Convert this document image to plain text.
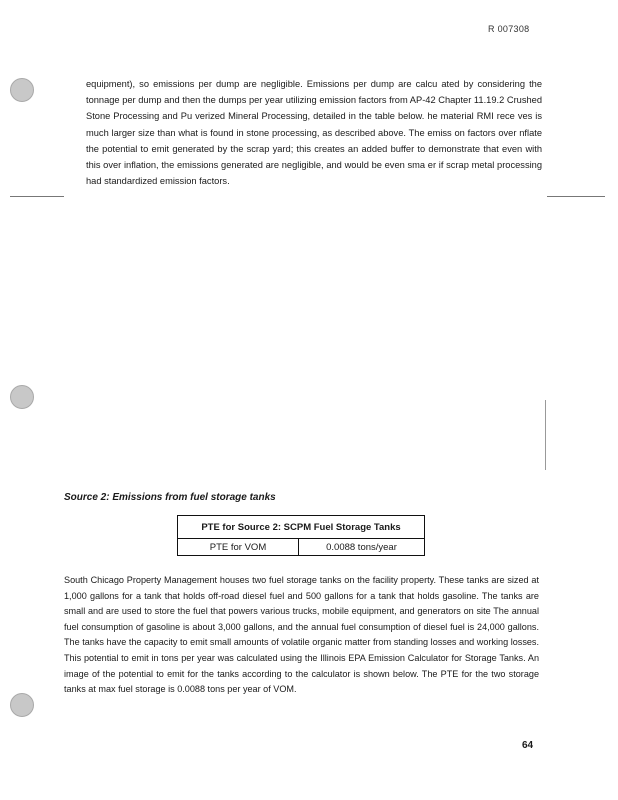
R 007308

equipment), so emissions per dump are negligible. Emissions per dump are calcu ated by considering the tonnage per dump and then the dumps per year utilizing emission factors from AP-42 Chapter 11.19.2 Crushed Stone Processing and Pu verized Mineral Processing, detailed in the table below. he material RMI rece ves is much larger size than what is found in stone processing, as described above. The emiss on factors over nflate the potential to emit generated by the scrap yard; this creates an added buffer to demonstrate that even with this over inflation, the emissions generated are negligible, and would be even sma er if scrap metal processing had standardized emission factors.

Source 2: Emissions from fuel storage tanks

PTE for Source 2: SCPM Fuel Storage Tanks
PTE for VOM	0.0088 tons/year

South Chicago Property Management houses two fuel storage tanks on the facility property. These tanks are sized at 1,000 gallons for a tank that holds off-road diesel fuel and 500 gallons for a tank that holds gasoline. The tanks are small and are used to store the fuel that powers various trucks, mobile equipment, and generators on site The annual fuel consumption of gasoline is about 3,000 gallons, and the annual fuel consumption of diesel fuel is 24,000 gallons. The tanks have the capacity to emit small amounts of volatile organic matter from standing losses and working losses. This potential to emit in tons per year was calculated using the Illinois EPA Emission Calculator for Storage Tanks. An image of the potential to emit for the tanks according to the calculator is shown below. The PTE for the two storage tanks at max fuel storage is 0.0088 tons per year of VOM.

64
